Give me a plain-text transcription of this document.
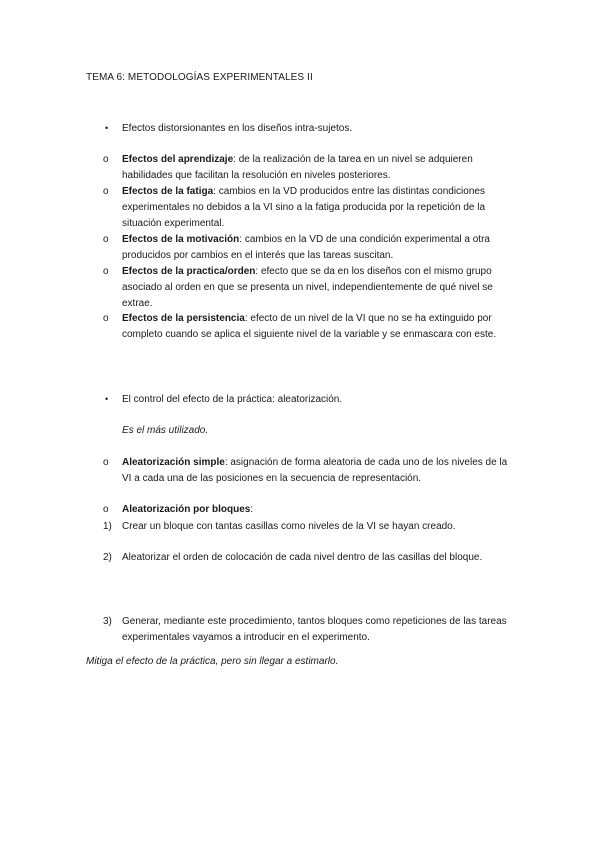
TEMA 6: METODOLOGÍAS EXPERIMENTALES II
• Efectos distorsionantes en los diseños intra-sujetos.
o Efectos del aprendizaje: de la realización de la tarea en un nivel se adquieren habilidades que facilitan la resolución en niveles posteriores.
o Efectos de la fatiga: cambios en la VD producidos entre las distintas condiciones experimentales no debidos a la VI sino a la fatiga producida por la repetición de la situación experimental.
o Efectos de la motivación: cambios en la VD de una condición experimental a otra producidos por cambios en el interés que las tareas suscitan.
o Efectos de la practica/orden: efecto que se da en los diseños con el mismo grupo asociado al orden en que se presenta un nivel, independientemente de qué nivel se extrae.
o Efectos de la persistencia: efecto de un nivel de la VI que no se ha extinguido por completo cuando se aplica el siguiente nivel de la variable y se enmascara con este.
• El control del efecto de la práctica: aleatorización.
Es el más utilizado.
o Aleatorización simple: asignación de forma aleatoria de cada uno de los niveles de la VI a cada una de las posiciones en la secuencia de representación.
o Aleatorización por bloques:
1) Crear un bloque con tantas casillas como niveles de la VI se hayan creado.
2) Aleatorizar el orden de colocación de cada nivel dentro de las casillas del bloque.
3) Generar, mediante este procedimiento, tantos bloques como repeticiones de las tareas experimentales vayamos a introducir en el experimento.
Mitiga el efecto de la práctica, pero sin llegar a estimarlo.
